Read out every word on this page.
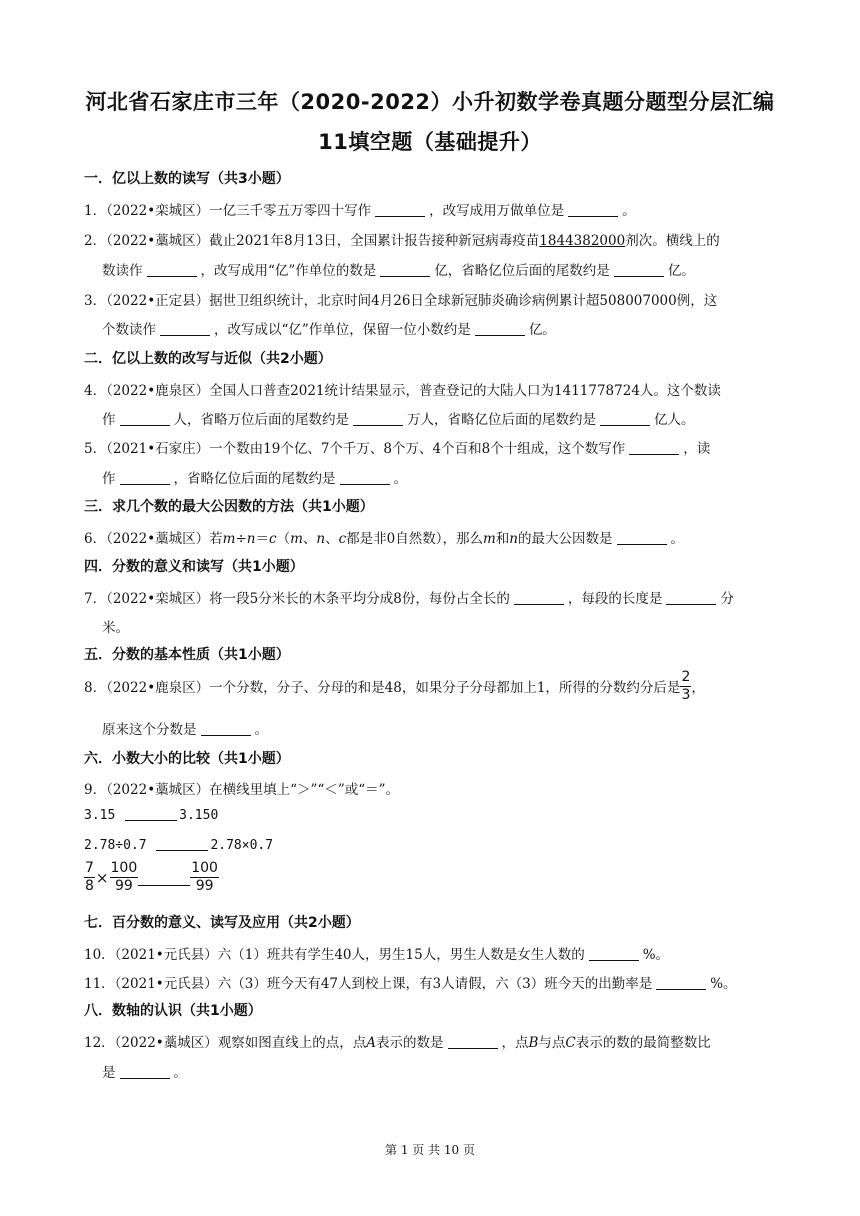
河北省石家庄市三年（2020-2022）小升初数学卷真题分题型分层汇编
11填空题（基础提升）
一．亿以上数的读写（共3小题）
1．（2022•栾城区）一亿三千零五万零四十写作	，改写成用万做单位是	。
2．（2022•藁城区）截止2021年8月13日，全国累计报告接种新冠病毒疫苗1844382000剂次。横线上的
数读作	，改写成用“亿”作单位的数是	亿，省略亿位后面的尾数约是	亿。
3．（2022•正定县）据世卫组织统计，北京时间4月26日全球新冠肺炎确诊病例累计超508007000例，这
个数读作	，改写成以“亿”作单位，保留一位小数约是	亿。
二．亿以上数的改写与近似（共2小题）
4．（2022•鹿泉区）全国人口普查2021统计结果显示，普查登记的大陆人口为1411778724人。这个数读
作	人，省略万位后面的尾数约是	万人，省略亿位后面的尾数约是	亿人。
5．（2021•石家庄）一个数由19个亿、7个千万、8个万、4个百和8个十组成，这个数写作	，读
作	，省略亿位后面的尾数约是	。
三．求几个数的最大公因数的方法（共1小题）
6．（2022•藁城区）若m÷n＝c（m、n、c都是非0自然数），那么m和n的最大公因数是	。
四．分数的意义和读写（共1小题）
7．（2022•栾城区）将一段5分米长的木条平均分成8份，每份占全长的	，每段的长度是	分
米。
五．分数的基本性质（共1小题）
8．（2022•鹿泉区）一个分数，分子、分母的和是48，如果分子分母都加上1，所得的分数约分后是 $\frac{2}{3}$ ，
原来这个分数是	。
六．小数大小的比较（共1小题）
9．（2022•藁城区）在横线里填上“＞”“＜”或“＝”。
3.15	3.150
2.78÷0.7	2.78×0.7
$\frac{7}{8} \times \frac{100}{99}$	$\frac{100}{99}$
七．百分数的意义、读写及应用（共2小题）
10．（2021•元氏县）六（1）班共有学生40人，男生15人，男生人数是女生人数的	%。
11．（2021•元氏县）六（3）班今天有47人到校上课，有3人请假，六（3）班今天的出勤率是	%。
八．数轴的认识（共1小题）
12．（2022•藁城区）观察如图直线上的点，点A表示的数是	，点B与点C表示的数的最简整数比
是	。
第 1 页 共 10 页
